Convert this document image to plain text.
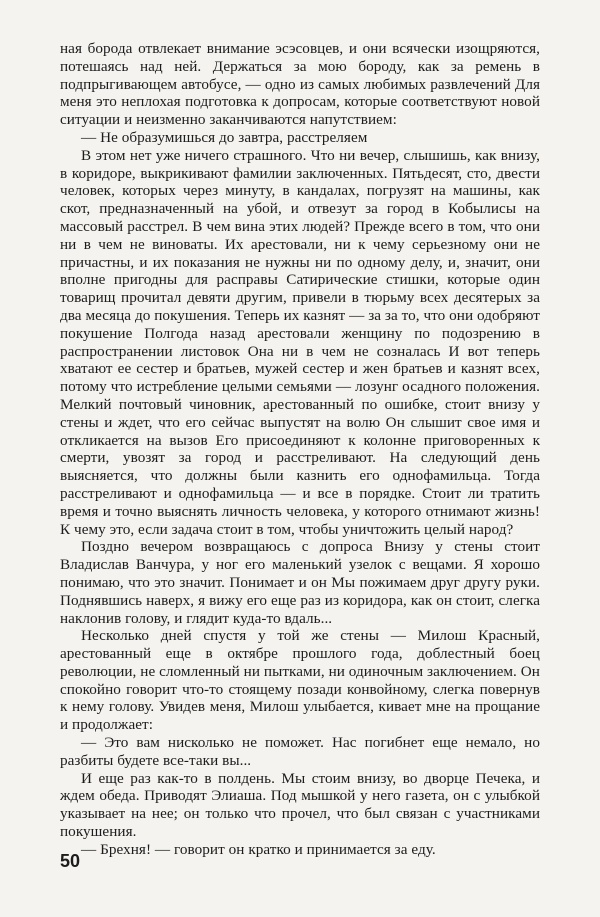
ная борода отвлекает внимание эсэсовцев, и они всячески изощряются, потешаясь над ней. Держаться за мою бороду, как за ремень в подпрыгивающем автобусе, — одно из самых любимых развлечений Для меня это неплохая подготовка к допросам, которые соответствуют новой ситуации и неизменно заканчиваются напутствием:

— Не образумишься до завтра, расстреляем

В этом нет уже ничего страшного. Что ни вечер, слышишь, как внизу, в коридоре, выкрикивают фамилии заключенных. Пятьдесят, сто, двести человек, которых через минуту, в кандалах, погрузят на машины, как скот, предназначенный на убой, и отвезут за город в Кобылисы на массовый расстрел. В чем вина этих людей? Прежде всего в том, что они ни в чем не виноваты. Их арестовали, ни к чему серьезному они не причастны, и их показания не нужны ни по одному делу, и, значит, они вполне пригодны для расправы Сатирические стишки, которые один товарищ прочитал девяти другим, привели в тюрьму всех десятерых за два месяца до покушения. Теперь их казнят — за за то, что они одобряют покушение Полгода назад арестовали женщину по подозрению в распространении листовок Она ни в чем не созналась И вот теперь хватают ее сестер и братьев, мужей сестер и жен братьев и казнят всех, потому что истребление целыми семьями — лозунг осадного положения. Мелкий почтовый чиновник, арестованный по ошибке, стоит внизу у стены и ждет, что его сейчас выпустят на волю Он слышит свое имя и откликается на вызов Его присоединяют к колонне приговоренных к смерти, увозят за город и расстреливают. На следующий день выясняется, что должны были казнить его однофамильца. Тогда расстреливают и однофамильца — и все в порядке. Стоит ли тратить время и точно выяснять личность человека, у которого отнимают жизнь! К чему это, если задача стоит в том, чтобы уничтожить целый народ?

Поздно вечером возвращаюсь с допроса Внизу у стены стоит Владислав Ванчура, у ног его маленький узелок с вещами. Я хорошо понимаю, что это значит. Понимает и он Мы пожимаем друг другу руки. Поднявшись наверх, я вижу его еще раз из коридора, как он стоит, слегка наклонив голову, и глядит куда-то вдаль...

Несколько дней спустя у той же стены — Милош Красный, арестованный еще в октябре прошлого года, доблестный боец революции, не сломленный ни пытками, ни одиночным заключением. Он спокойно говорит что-то стоящему позади конвойному, слегка повернув к нему голову. Увидев меня, Милош улыбается, кивает мне на прощание и продолжает:

— Это вам нисколько не поможет. Нас погибнет еще немало, но разбиты будете все-таки вы...

И еще раз как-то в полдень. Мы стоим внизу, во дворце Печека, и ждем обеда. Приводят Элиаша. Под мышкой у него газета, он с улыбкой указывает на нее; он только что прочел, что был связан с участниками покушения.

— Брехня! — говорит он кратко и принимается за еду.

50
